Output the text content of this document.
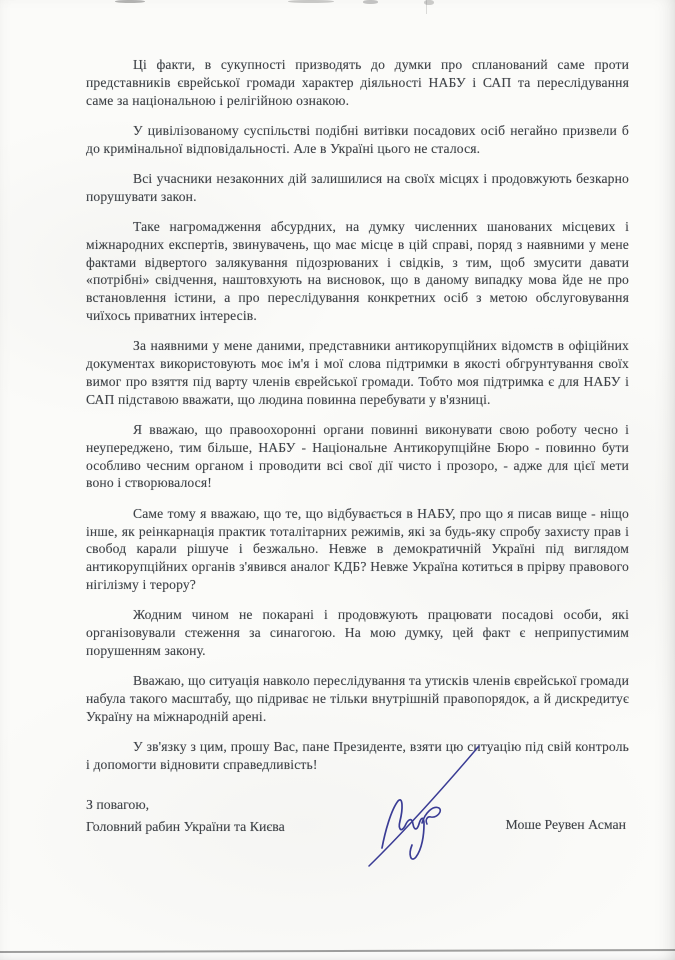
Ці факти, в сукупності призводять до думки про спланований саме проти представників єврейської громади характер діяльності НАБУ і САП та переслідування саме за національною і релігійною ознакою.

У цивілізованому суспільстві подібні витівки посадових осіб негайно призвели б до кримінальної відповідальності. Але в Україні цього не сталося.

Всі учасники незаконних дій залишилися на своїх місцях і продовжують безкарно порушувати закон.

Таке нагромадження абсурдних, на думку численних шанованих місцевих і міжнародних експертів, звинувачень, що має місце в цій справі, поряд з наявними у мене фактами відвертого залякування підозрюваних і свідків, з тим, щоб змусити давати «потрібні» свідчення, наштовхують на висновок, що в даному випадку мова йде не про встановлення істини, а про переслідування конкретних осіб з метою обслуговування чиїхось приватних інтересів.

За наявними у мене даними, представники антикорупційних відомств в офіційних документах використовують моє ім'я і мої слова підтримки в якості обгрунтування своїх вимог про взяття під варту членів єврейської громади. Тобто моя підтримка є для НАБУ і САП підставою вважати, що людина повинна перебувати у в'язниці.

Я вважаю, що правоохоронні органи повинні виконувати свою роботу чесно і неупереджено, тим більше, НАБУ - Національне Антикорупційне Бюро - повинно бути особливо чесним органом і проводити всі свої дії чисто і прозоро, - адже для цієї мети воно і створювалося!

Саме тому я вважаю, що те, що відбувається в НАБУ, про що я писав вище - ніщо інше, як реінкарнація практик тоталітарних режимів, які за будь-яку спробу захисту прав і свобод карали рішуче і безжально. Невже в демократичній Україні під виглядом антикорупційних органів з'явився аналог КДБ? Невже Україна котиться в прірву правового нігілізму і терору?

Жодним чином не покарані і продовжують працювати посадові особи, які організовували стеження за синагогою. На мою думку, цей факт є неприпустимим порушенням закону.

Вважаю, що ситуація навколо переслідування та утисків членів єврейської громади набула такого масштабу, що підриває не тільки внутрішній правопорядок, а й дискредитує Україну на міжнародній арені.

У зв'язку з цим, прошу Вас, пане Президенте, взяти цю ситуацію під свій контроль і допомогти відновити справедливість!

З повагою,
Головний рабин України та Києва	Моше Реувен Асман
